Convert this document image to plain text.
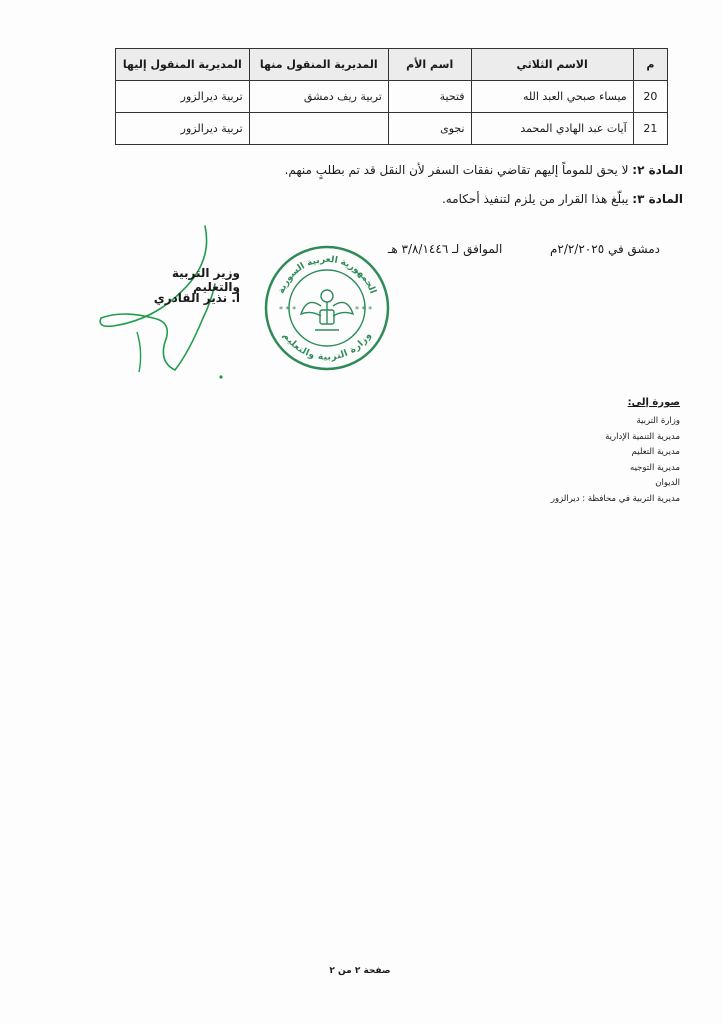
م	الاسم الثلاثي	اسم الأم	المديرية المنقول منها	المديرية المنقول إليها
20	ميساء صبحي العبد الله	فتحية	تربية ريف دمشق	تربية ديرالزور
21	آيات عبد الهادي المحمد	نجوى		تربية ديرالزور
المادة ٢: لا يحق للموماً إليهم تقاضي نفقات السفر لأن النقل قد تم بطلبٍ منهم.
المادة ٣: يبلّغ هذا القرار من يلزم لتنفيذ أحكامه.
دمشق في ٢/٢/٢٠٢٥م  الموافق لـ ٣/٨/١٤٤٦ هـ
الجمهورية العربية السورية
وزارة التربية والتعليم
* * *	* * *
وزير التربية والتعليم
أ. نذير القادري
صورة إلى:
وزارة التربية
مديرية التنمية الإدارية
مديرية التعليم
مديرية التوجيه
الديوان
مديرية التربية في محافظة : ديرالزور
صفحة ٢ من ٢
